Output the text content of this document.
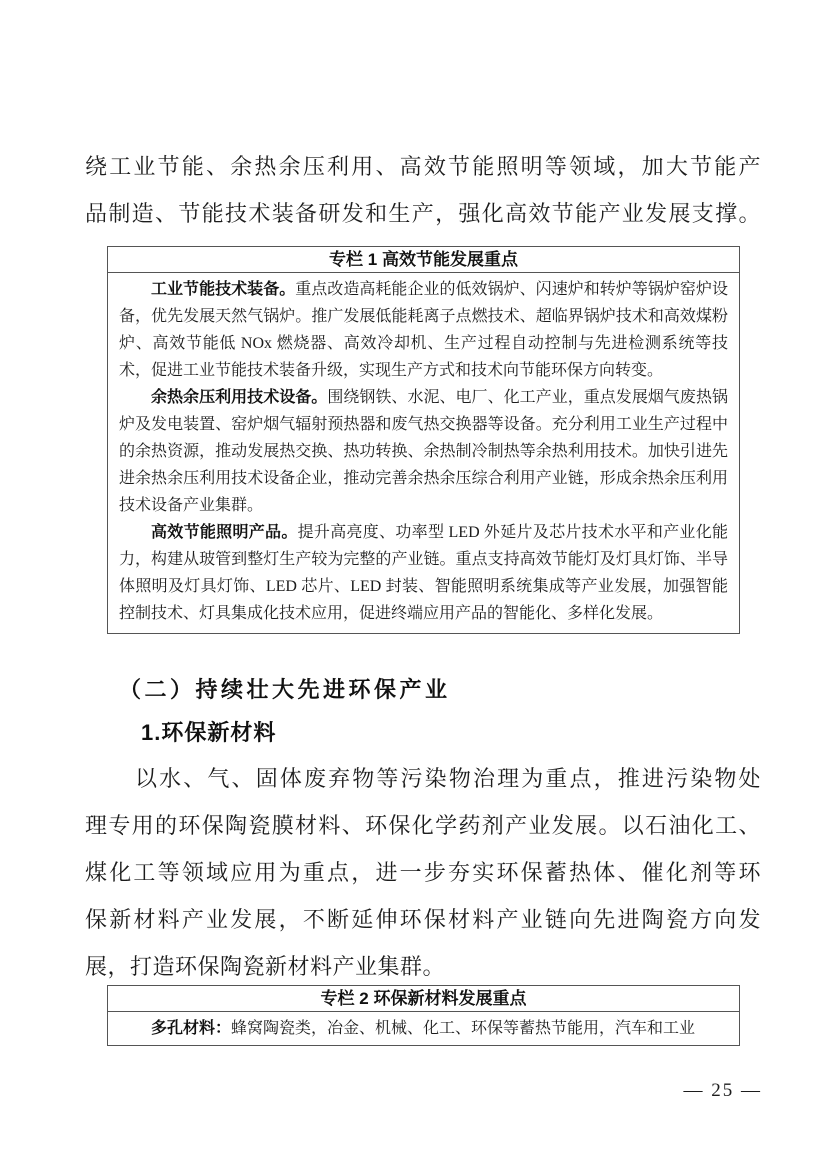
绕工业节能、余热余压利用、高效节能照明等领域，加大节能产
品制造、节能技术装备研发和生产，强化高效节能产业发展支撑。
专栏 1 高效节能发展重点

工业节能技术装备。重点改造高耗能企业的低效锅炉、闪速炉和转炉等锅炉窑炉设备，优先发展天然气锅炉。推广发展低能耗离子点燃技术、超临界锅炉技术和高效煤粉炉、高效节能低 NOx 燃烧器、高效冷却机、生产过程自动控制与先进检测系统等技术，促进工业节能技术装备升级，实现生产方式和技术向节能环保方向转变。

余热余压利用技术设备。围绕钢铁、水泥、电厂、化工产业，重点发展烟气废热锅炉及发电装置、窑炉烟气辐射预热器和废气热交换器等设备。充分利用工业生产过程中的余热资源，推动发展热交换、热功转换、余热制冷制热等余热利用技术。加快引进先进余热余压利用技术设备企业，推动完善余热余压综合利用产业链，形成余热余压利用技术设备产业集群。

高效节能照明产品。提升高亮度、功率型 LED 外延片及芯片技术水平和产业化能力，构建从玻管到整灯生产较为完整的产业链。重点支持高效节能灯及灯具灯饰、半导体照明及灯具灯饰、LED 芯片、LED 封装、智能照明系统集成等产业发展，加强智能控制技术、灯具集成化技术应用，促进终端应用产品的智能化、多样化发展。

（二）持续壮大先进环保产业
1.环保新材料
以水、气、固体废弃物等污染物治理为重点，推进污染物处
理专用的环保陶瓷膜材料、环保化学药剂产业发展。以石油化工、
煤化工等领域应用为重点，进一步夯实环保蓄热体、催化剂等环
保新材料产业发展，不断延伸环保材料产业链向先进陶瓷方向发
展，打造环保陶瓷新材料产业集群。
专栏 2 环保新材料发展重点

多孔材料：蜂窝陶瓷类，冶金、机械、化工、环保等蓄热节能用，汽车和工业

— 25 —
